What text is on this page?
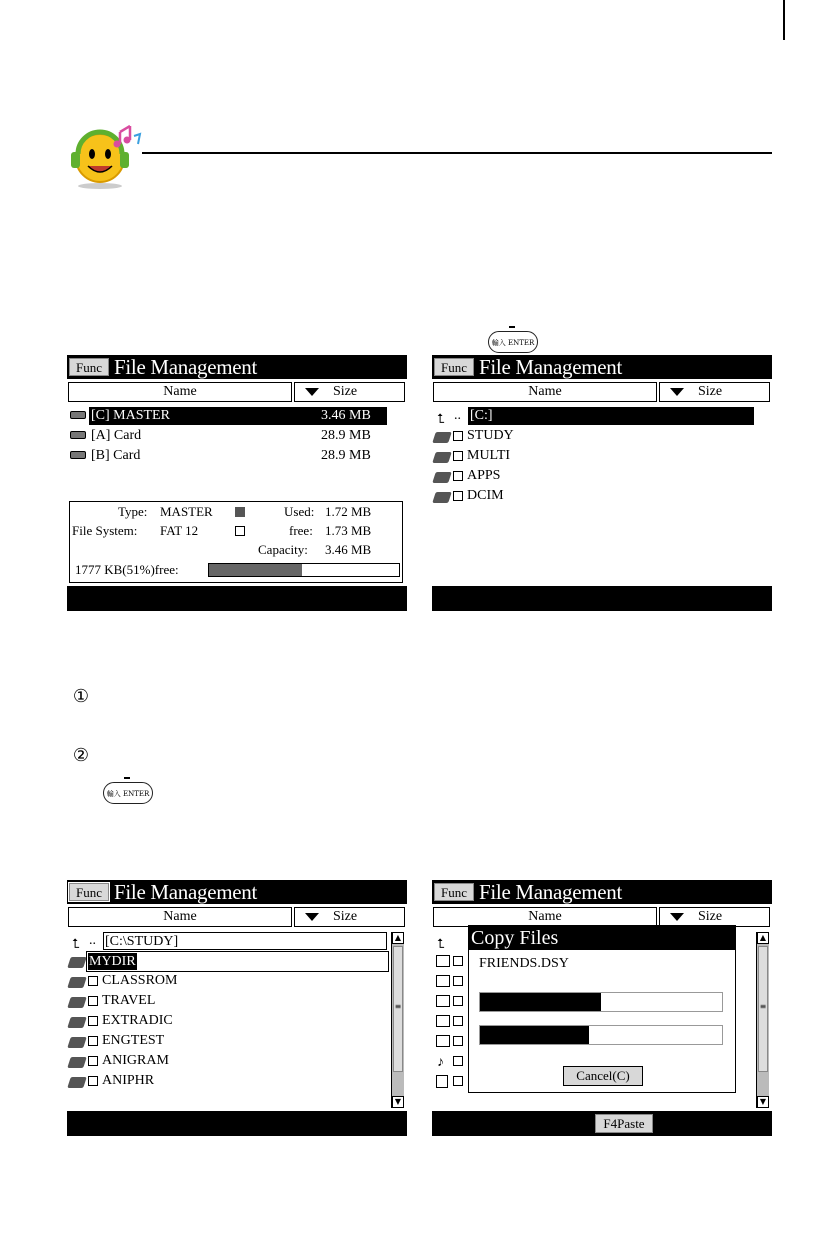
輸入 ENTER
Func File Management
Name	Size
[C] MASTER	3.46 MB
[A] Card	28.9 MB
[B] Card	28.9 MB
Type: MASTER	Used: 1.72 MB
File System: FAT 12	free: 1.73 MB
Capacity: 3.46 MB
1777 KB(51%)free:
Func File Management
Name	Size
⮤ .. [C:]
STUDY
MULTI
APPS
DCIM
①
②
輸入 ENTER
Func File Management
Name	Size
⮤ .. [C:\STUDY]
MYDIR
CLASSROM
TRAVEL
EXTRADIC
ENGTEST
ANIGRAM
ANIPHR
▲
≡
▼
Func File Management
Name	Size
⮤
♪
▲
≡
▼
Copy Files
FRIENDS.DSY
Cancel(C)
F4Paste
